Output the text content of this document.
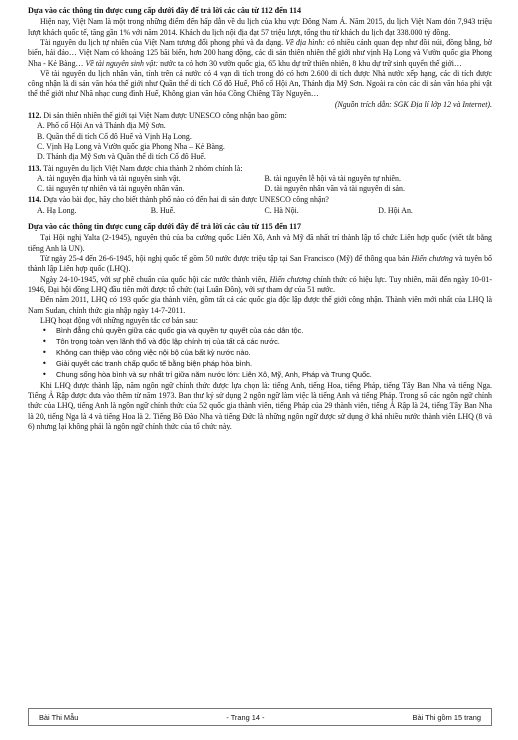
Dựa vào các thông tin được cung cấp dưới đây để trả lời các câu từ 112 đến 114

Hiện nay, Việt Nam là một trong những điểm đến hấp dẫn về du lịch của khu vực Đông Nam Á. Năm 2015, du lịch Việt Nam đón 7,943 triệu lượt khách quốc tế, tăng gần 1% với năm 2014. Khách du lịch nội địa đạt 57 triệu lượt, tổng thu từ khách du lịch đạt 338.000 tỷ đồng.

Tài nguyên du lịch tự nhiên của Việt Nam tương đối phong phú và đa dạng. Về địa hình: có nhiều cảnh quan đẹp như đồi núi, đồng bằng, bờ biển, hải đảo… Việt Nam có khoảng 125 bãi biển, hơn 200 hang động, các di sản thiên nhiên thế giới như vịnh Hạ Long và Vườn quốc gia Phong Nha - Kẻ Bàng… Về tài nguyên sinh vật: nước ta có hơn 30 vườn quốc gia, 65 khu dự trữ thiên nhiên, 8 khu dự trữ sinh quyển thế giới…

Về tài nguyên du lịch nhân văn, tính trên cả nước có 4 vạn di tích trong đó có hơn 2.600 di tích được Nhà nước xếp hạng, các di tích được công nhận là di sản văn hóa thế giới như Quần thể di tích Cố đô Huế, Phố cổ Hội An, Thánh địa Mỹ Sơn. Ngoài ra còn các di sản văn hóa phi vật thể thế giới như Nhã nhạc cung đình Huế, Không gian văn hóa Cồng Chiêng Tây Nguyên…

(Nguồn trích dẫn: SGK Địa lí lớp 12 và Internet).

112. Di sản thiên nhiên thế giới tại Việt Nam được UNESCO công nhận bao gồm:
A. Phố cổ Hội An và Thánh địa Mỹ Sơn.
B. Quần thể di tích Cố đô Huế và Vịnh Hạ Long.
C. Vịnh Hạ Long và Vườn quốc gia Phong Nha – Kẻ Bàng.
D. Thánh địa Mỹ Sơn và Quần thể di tích Cố đô Huế.
113. Tài nguyên du lịch Việt Nam được chia thành 2 nhóm chính là:
A. tài nguyên địa hình và tài nguyên sinh vật.	B. tài nguyên lễ hội và tài nguyên tự nhiên.
C. tài nguyên tự nhiên và tài nguyên nhân văn.	D. tài nguyên nhân văn và tài nguyên di sản.
114. Dựa vào bài đọc, hãy cho biết thành phố nào có đến hai di sản được UNESCO công nhận?
A. Hạ Long.	B. Huế.	C. Hà Nội.	D. Hội An.
Dựa vào các thông tin được cung cấp dưới đây để trả lời các câu từ 115 đến 117

Tại Hội nghị Yalta (2-1945), nguyên thủ của ba cường quốc Liên Xô, Anh và Mỹ đã nhất trí thành lập tổ chức Liên hợp quốc (viết tắt bằng tiếng Anh là UN).

Từ ngày 25-4 đến 26-6-1945, hội nghị quốc tế gồm 50 nước được triệu tập tại San Francisco (Mỹ) để thông qua bản Hiến chương và tuyên bố thành lập Liên hợp quốc (LHQ).

Ngày 24-10-1945, với sự phê chuẩn của quốc hội các nước thành viên, Hiến chương chính thức có hiệu lực. Tuy nhiên, mãi đến ngày 10-01-1946, Đại hội đồng LHQ đầu tiên mới được tổ chức (tại Luân Đôn), với sự tham dự của 51 nước.

Đến năm 2011, LHQ có 193 quốc gia thành viên, gồm tất cả các quốc gia độc lập được thế giới công nhận. Thành viên mới nhất của LHQ là Nam Sudan, chính thức gia nhập ngày 14-7-2011.

LHQ hoạt động với những nguyên tắc cơ bản sau:

• Bình đẳng chủ quyền giữa các quốc gia và quyền tự quyết của các dân tộc.
• Tôn trọng toàn vẹn lãnh thổ và độc lập chính trị của tất cả các nước.
• Không can thiệp vào công việc nội bộ của bất kỳ nước nào.
• Giải quyết các tranh chấp quốc tế bằng biện pháp hòa bình.
• Chung sống hòa bình và sự nhất trí giữa năm nước lớn: Liên Xô, Mỹ, Anh, Pháp và Trung Quốc.

Khi LHQ được thành lập, năm ngôn ngữ chính thức được lựa chọn là: tiếng Anh, tiếng Hoa, tiếng Pháp, tiếng Tây Ban Nha và tiếng Nga. Tiếng Ả Rập được đưa vào thêm từ năm 1973. Ban thư ký sử dụng 2 ngôn ngữ làm việc là tiếng Anh và tiếng Pháp. Trong số các ngôn ngữ chính thức của LHQ, tiếng Anh là ngôn ngữ chính thức của 52 quốc gia thành viên, tiếng Pháp của 29 thành viên, tiếng Ả Rập là 24, tiếng Tây Ban Nha là 20, tiếng Nga là 4 và tiếng Hoa là 2. Tiếng Bồ Đào Nha và tiếng Đức là những ngôn ngữ được sử dụng ở khá nhiều nước thành viên LHQ (8 và 6) nhưng lại không phải là ngôn ngữ chính thức của tổ chức này.

Bài Thi Mẫu	- Trang 14 -	Bài Thi gồm 15 trang
